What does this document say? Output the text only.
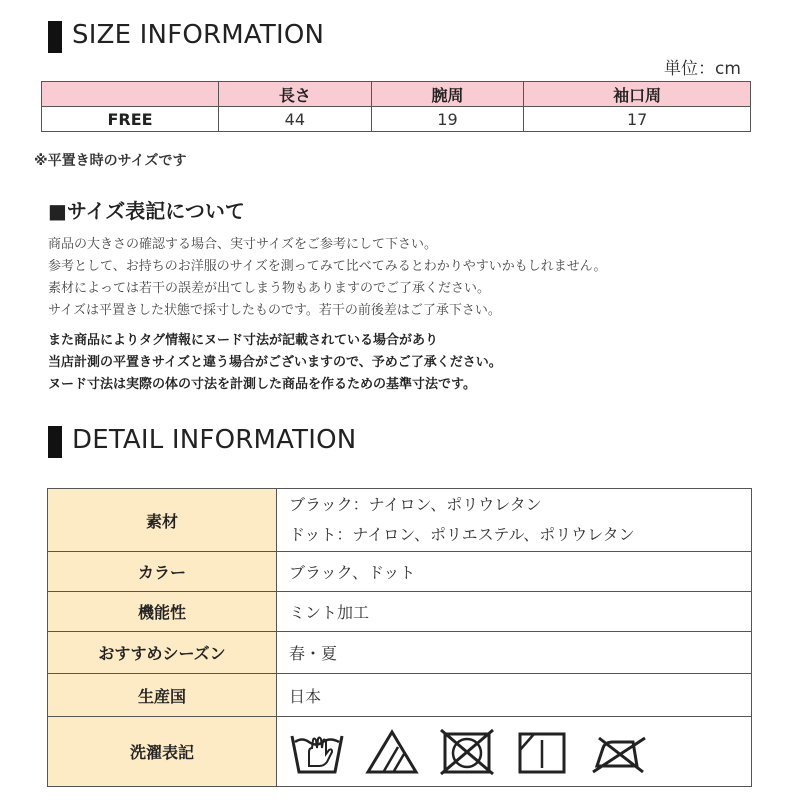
SIZE INFORMATION
単位：cm
	長さ	腕周	袖口周
FREE	44	19	17
※平置き時のサイズです
■サイズ表記について
商品の大きさの確認する場合、実寸サイズをご参考にして下さい。
参考として、お持ちのお洋服のサイズを測ってみて比べてみるとわかりやすいかもしれません。
素材によっては若干の誤差が出てしまう物もありますのでご了承ください。
サイズは平置きした状態で採寸したものです。若干の前後差はご了承下さい。
また商品によりタグ情報にヌード寸法が記載されている場合があり
当店計測の平置きサイズと違う場合がございますので、予めご了承ください。
ヌード寸法は実際の体の寸法を計測した商品を作るための基準寸法です。
DETAIL INFORMATION
素材	ブラック：ナイロン、ポリウレタン
ドット：ナイロン、ポリエステル、ポリウレタン

カラー	ブラック、ドット
機能性	ミント加工
おすすめシーズン	春・夏
生産国	日本
洗濯表記	
